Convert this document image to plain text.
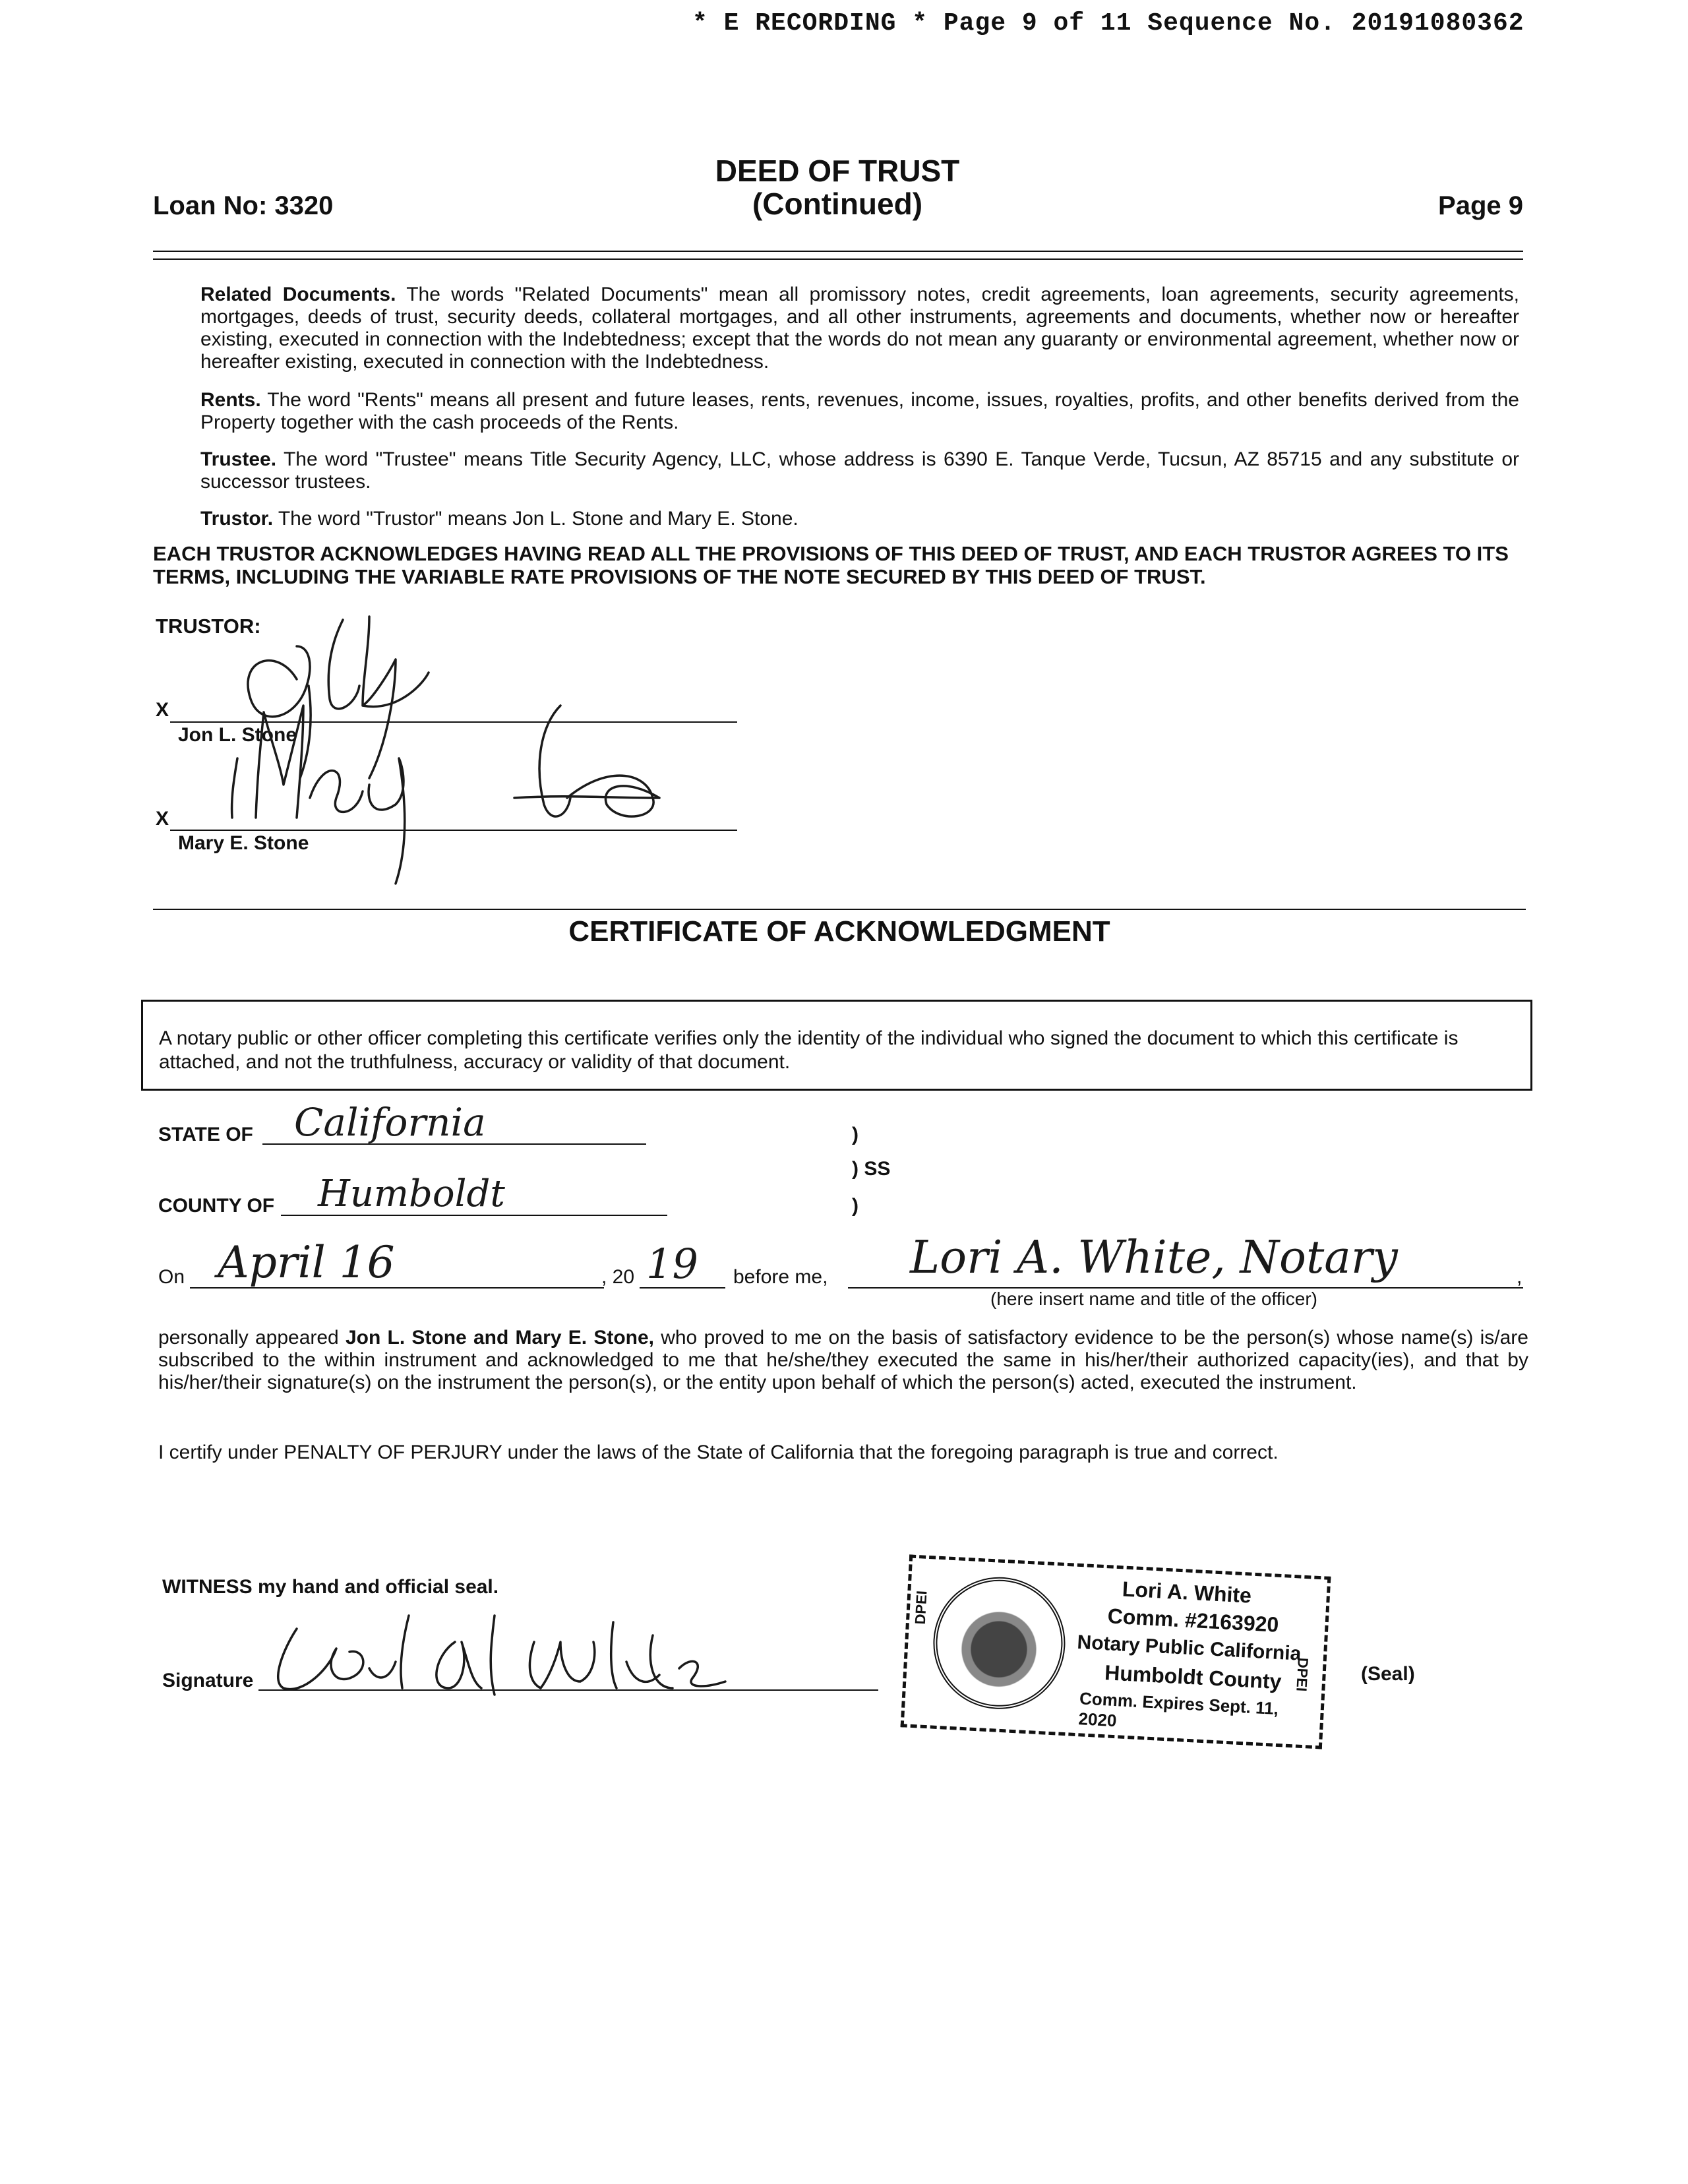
* E RECORDING * Page 9 of 11 Sequence No. 20191080362
DEED OF TRUST
(Continued)
Loan No: 3320	Page 9
Related Documents. The words "Related Documents" mean all promissory notes, credit agreements, loan agreements, security agreements, mortgages, deeds of trust, security deeds, collateral mortgages, and all other instruments, agreements and documents, whether now or hereafter existing, executed in connection with the Indebtedness; except that the words do not mean any guaranty or environmental agreement, whether now or hereafter existing, executed in connection with the Indebtedness.
Rents. The word "Rents" means all present and future leases, rents, revenues, income, issues, royalties, profits, and other benefits derived from the Property together with the cash proceeds of the Rents.
Trustee. The word "Trustee" means Title Security Agency, LLC, whose address is 6390 E. Tanque Verde, Tucsun, AZ 85715 and any substitute or successor trustees.
Trustor. The word "Trustor" means Jon L. Stone and Mary E. Stone.
EACH TRUSTOR ACKNOWLEDGES HAVING READ ALL THE PROVISIONS OF THIS DEED OF TRUST, AND EACH TRUSTOR AGREES TO ITS TERMS, INCLUDING THE VARIABLE RATE PROVISIONS OF THE NOTE SECURED BY THIS DEED OF TRUST.
TRUSTOR:
X
Jon L. Stone
X
Mary E. Stone
CERTIFICATE OF ACKNOWLEDGMENT
A notary public or other officer completing this certificate verifies only the identity of the individual who signed the document to which this certificate is attached, and not the truthfulness, accuracy or validity of that document.
STATE OF California	)
) SS
)
COUNTY OF Humboldt
On April 16	, 20 19 before me, Lori A. White, Notary	,
(here insert name and title of the officer)
personally appeared Jon L. Stone and Mary E. Stone, who proved to me on the basis of satisfactory evidence to be the person(s) whose name(s) is/are subscribed to the within instrument and acknowledged to me that he/she/they executed the same in his/her/their authorized capacity(ies), and that by his/her/their signature(s) on the instrument the person(s), or the entity upon behalf of which the person(s) acted, executed the instrument.
I certify under PENALTY OF PERJURY under the laws of the State of California that the foregoing paragraph is true and correct.
WITNESS my hand and official seal.
Signature
DPEI	Lori A. White
Comm. #2163920
Notary Public California
Humboldt County
Comm. Expires Sept. 11, 2020
DPEI	(Seal)
